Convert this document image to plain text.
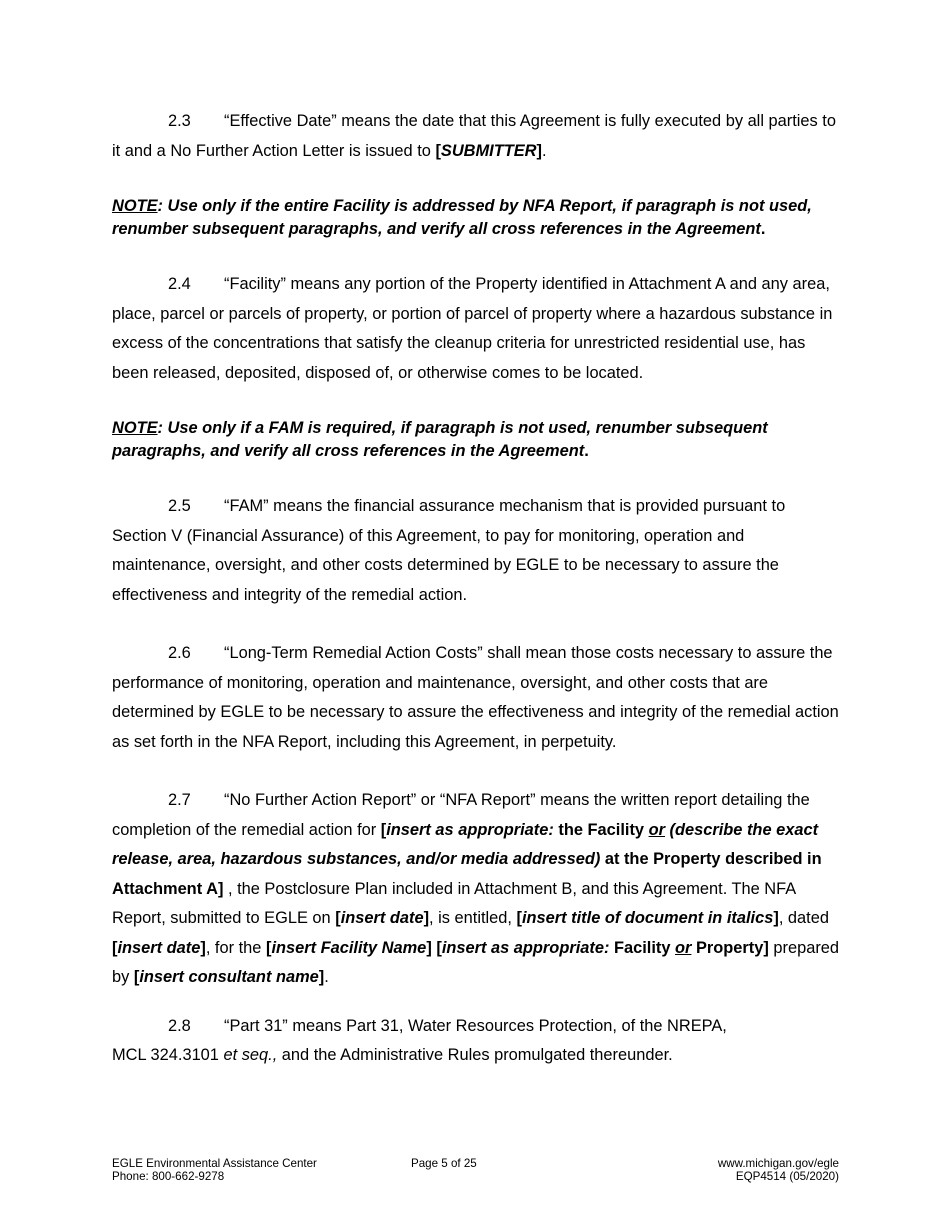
2.3 “Effective Date” means the date that this Agreement is fully executed by all parties to it and a No Further Action Letter is issued to [SUBMITTER].

NOTE: Use only if the entire Facility is addressed by NFA Report, if paragraph is not used, renumber subsequent paragraphs, and verify all cross references in the Agreement.

2.4 “Facility” means any portion of the Property identified in Attachment A and any area, place, parcel or parcels of property, or portion of parcel of property where a hazardous substance in excess of the concentrations that satisfy the cleanup criteria for unrestricted residential use, has been released, deposited, disposed of, or otherwise comes to be located.

NOTE: Use only if a FAM is required, if paragraph is not used, renumber subsequent paragraphs, and verify all cross references in the Agreement.

2.5 “FAM” means the financial assurance mechanism that is provided pursuant to Section V (Financial Assurance) of this Agreement, to pay for monitoring, operation and maintenance, oversight, and other costs determined by EGLE to be necessary to assure the effectiveness and integrity of the remedial action.

2.6 “Long-Term Remedial Action Costs” shall mean those costs necessary to assure the performance of monitoring, operation and maintenance, oversight, and other costs that are determined by EGLE to be necessary to assure the effectiveness and integrity of the remedial action as set forth in the NFA Report, including this Agreement, in perpetuity.

2.7 “No Further Action Report” or “NFA Report” means the written report detailing the completion of the remedial action for [insert as appropriate: the Facility or (describe the exact release, area, hazardous substances, and/or media addressed) at the Property described in Attachment A] , the Postclosure Plan included in Attachment B, and this Agreement. The NFA Report, submitted to EGLE on [insert date], is entitled, [insert title of document in italics], dated [insert date], for the [insert Facility Name] [insert as appropriate: Facility or Property] prepared by [insert consultant name].

2.8 “Part 31” means Part 31, Water Resources Protection, of the NREPA,
MCL 324.3101 et seq., and the Administrative Rules promulgated thereunder.

EGLE Environmental Assistance Center
Phone: 800-662-9278
Page 5 of 25	www.michigan.gov/egle
EQP4514 (05/2020)
